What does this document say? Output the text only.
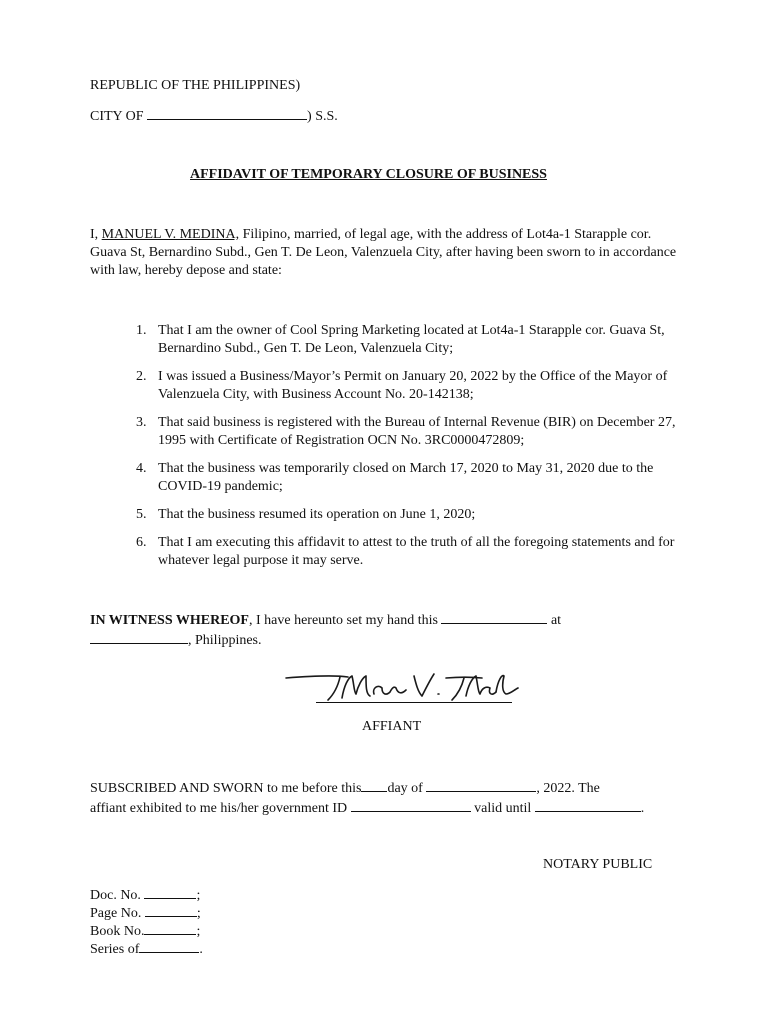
REPUBLIC OF THE PHILIPPINES)
CITY OF	) S.S.
AFFIDAVIT OF TEMPORARY CLOSURE OF BUSINESS
I, MANUEL V. MEDINA, Filipino, married, of legal age, with the address of Lot4a-1 Starapple cor. Guava St, Bernardino Subd., Gen T. De Leon, Valenzuela City, after having been sworn to in accordance with law, hereby depose and state:
1. That I am the owner of Cool Spring Marketing located at Lot4a-1 Starapple cor. Guava St, Bernardino Subd., Gen T. De Leon, Valenzuela City;
2. I was issued a Business/Mayor’s Permit on January 20, 2022 by the Office of the Mayor of Valenzuela City, with Business Account No. 20-142138;
3. That said business is registered with the Bureau of Internal Revenue (BIR) on December 27, 1995 with Certificate of Registration OCN No. 3RC0000472809;
4. That the business was temporarily closed on March 17, 2020 to May 31, 2020 due to the COVID-19 pandemic;
5. That the business resumed its operation on June 1, 2020;
6. That I am executing this affidavit to attest to the truth of all the foregoing statements and for whatever legal purpose it may serve.
IN WITNESS WHEREOF, I have hereunto set my hand this	at
, Philippines.
AFFIANT
SUBSCRIBED AND SWORN to me before this day of	, 2022. The
affiant exhibited to me his/her government ID	valid until	.
NOTARY PUBLIC
Doc. No.	;
Page No.	;
Book No.	;
Series of	.
